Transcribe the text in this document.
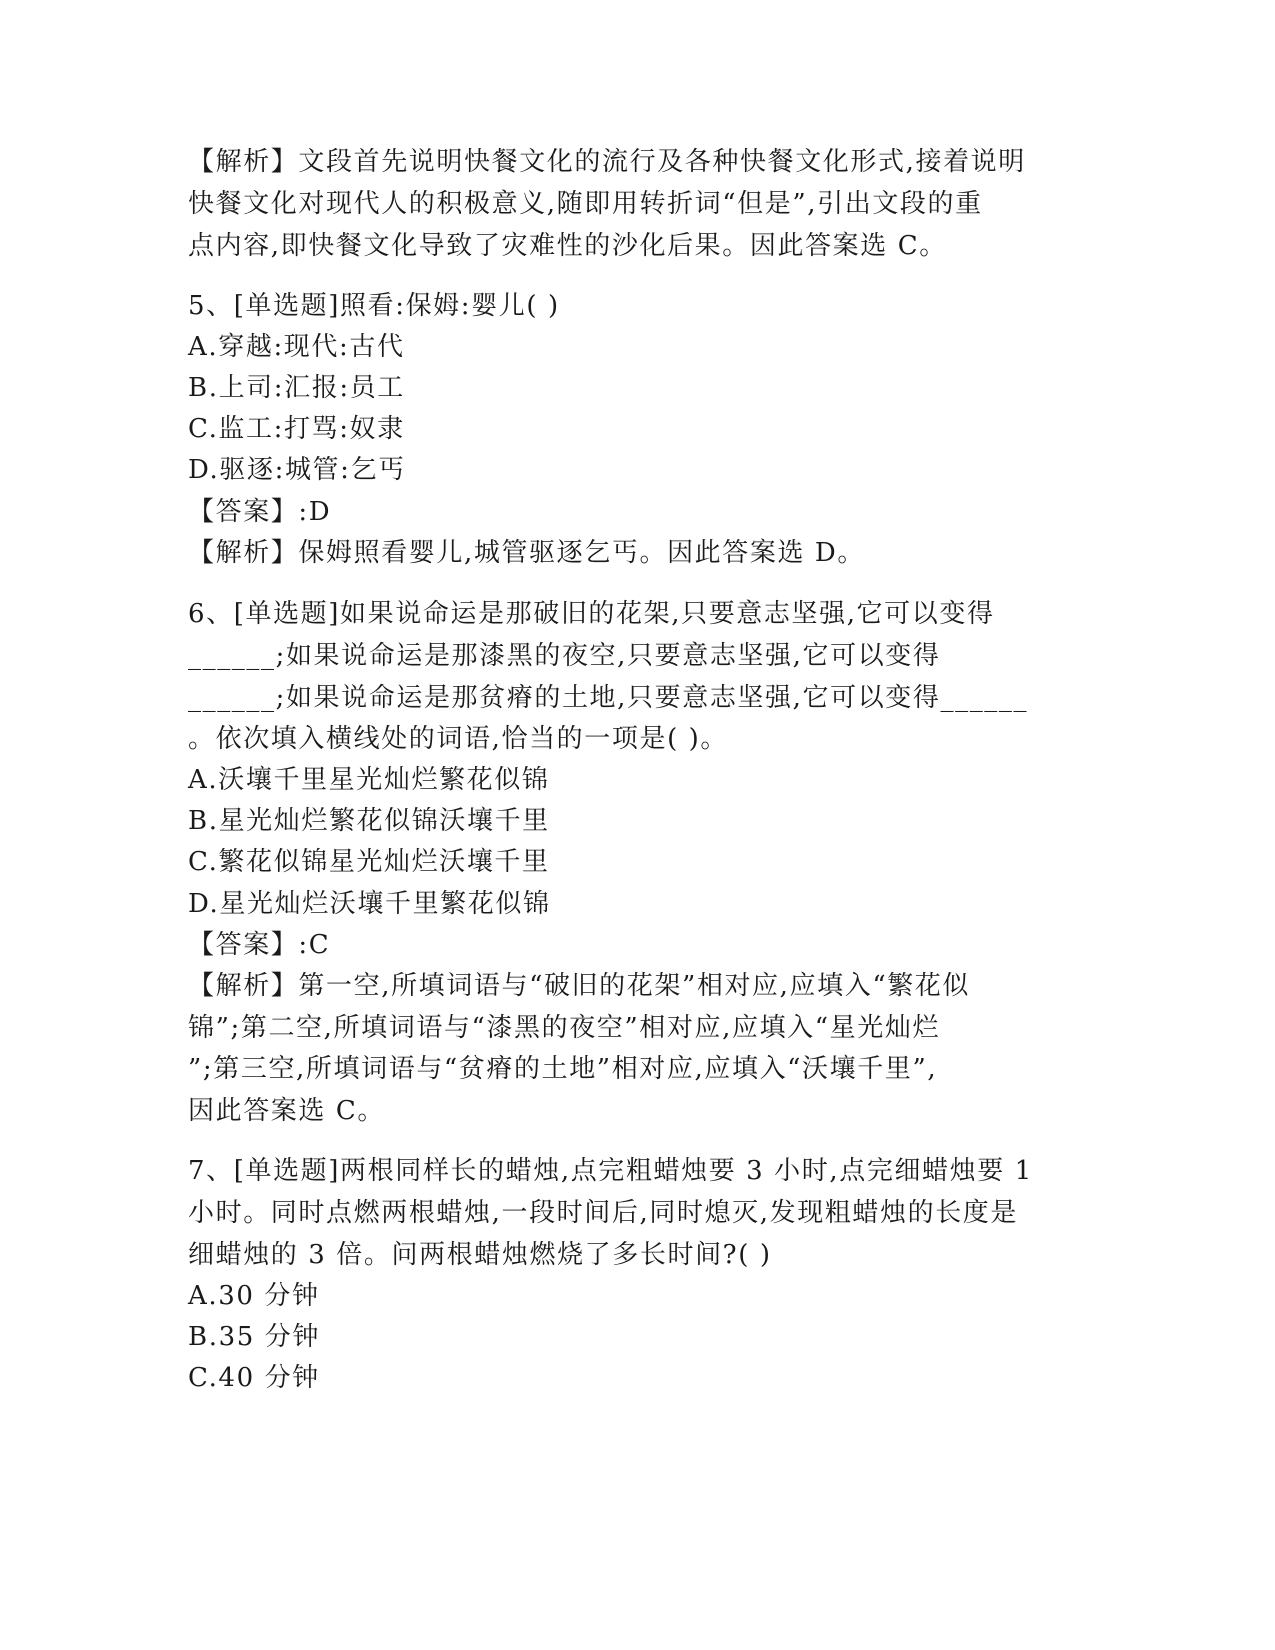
【解析】文段首先说明快餐文化的流行及各种快餐文化形式,接着说明
快餐文化对现代人的积极意义,随即用转折词“但是”,引出文段的重
点内容,即快餐文化导致了灾难性的沙化后果。因此答案选 C。
5、[单选题]照看:保姆:婴儿( )
A.穿越:现代:古代
B.上司:汇报:员工
C.监工:打骂:奴隶
D.驱逐:城管:乞丐
【答案】:D
【解析】保姆照看婴儿,城管驱逐乞丐。因此答案选 D。
6、[单选题]如果说命运是那破旧的花架,只要意志坚强,它可以变得
______;如果说命运是那漆黑的夜空,只要意志坚强,它可以变得
______;如果说命运是那贫瘠的土地,只要意志坚强,它可以变得______
。依次填入横线处的词语,恰当的一项是( )。
A.沃壤千里星光灿烂繁花似锦
B.星光灿烂繁花似锦沃壤千里
C.繁花似锦星光灿烂沃壤千里
D.星光灿烂沃壤千里繁花似锦
【答案】:C
【解析】第一空,所填词语与“破旧的花架”相对应,应填入“繁花似
锦”;第二空,所填词语与“漆黑的夜空”相对应,应填入“星光灿烂
”;第三空,所填词语与“贫瘠的土地”相对应,应填入“沃壤千里”,
因此答案选 C。
7、[单选题]两根同样长的蜡烛,点完粗蜡烛要 3 小时,点完细蜡烛要 1
小时。同时点燃两根蜡烛,一段时间后,同时熄灭,发现粗蜡烛的长度是
细蜡烛的 3 倍。问两根蜡烛燃烧了多长时间?( )
A.30 分钟
B.35 分钟
C.40 分钟
